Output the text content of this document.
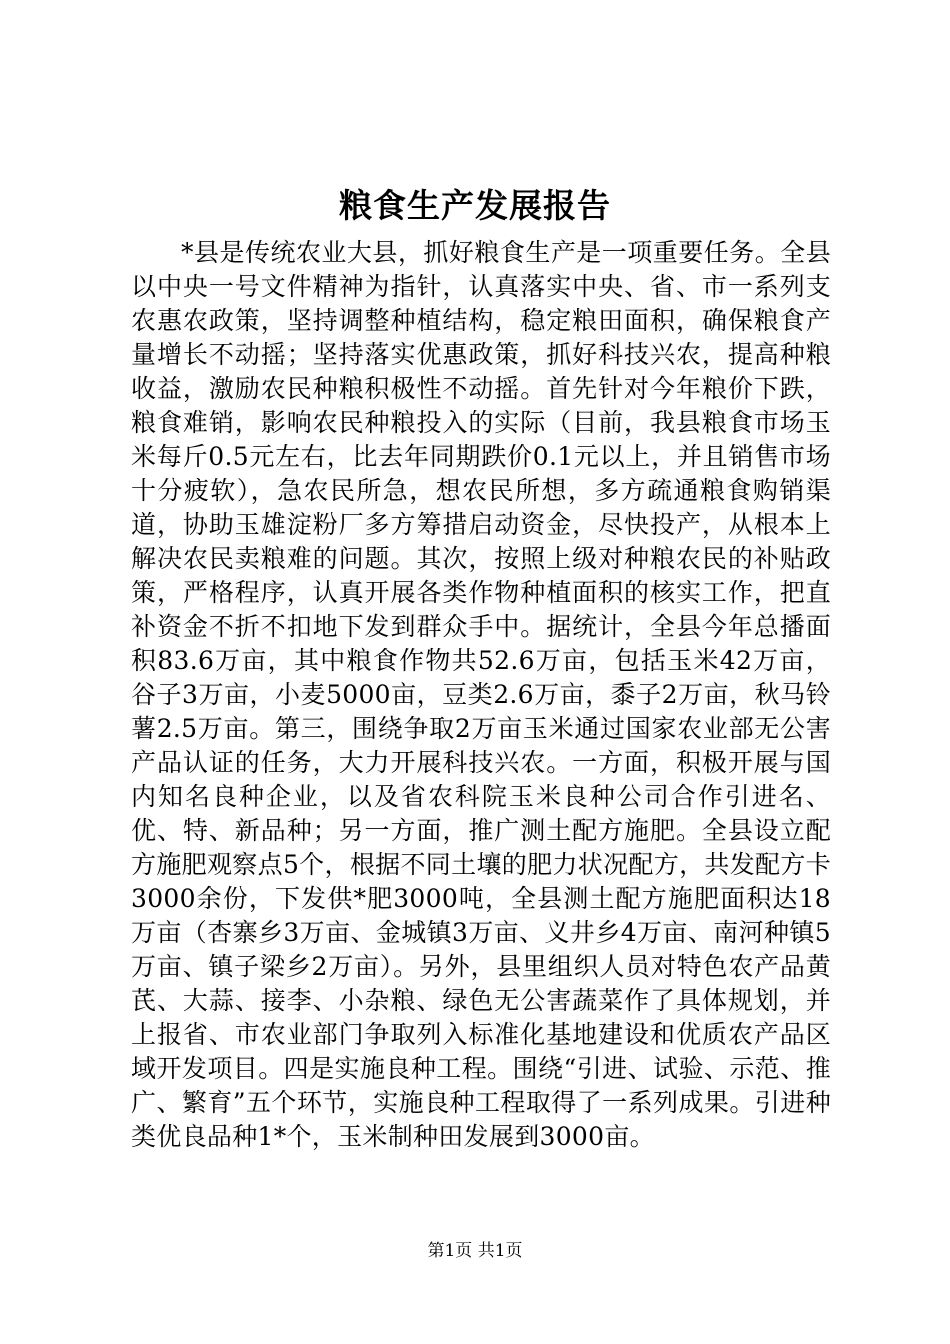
粮食生产发展报告

*县是传统农业大县，抓好粮食生产是一项重要任务。全县以中央一号文件精神为指针，认真落实中央、省、市一系列支农惠农政策，坚持调整种植结构，稳定粮田面积，确保粮食产量增长不动摇；坚持落实优惠政策，抓好科技兴农，提高种粮收益，激励农民种粮积极性不动摇。首先针对今年粮价下跌，粮食难销，影响农民种粮投入的实际（目前，我县粮食市场玉米每斤0.5元左右，比去年同期跌价0.1元以上，并且销售市场十分疲软），急农民所急，想农民所想，多方疏通粮食购销渠道，协助玉雄淀粉厂多方筹措启动资金，尽快投产，从根本上解决农民卖粮难的问题。其次，按照上级对种粮农民的补贴政策，严格程序，认真开展各类作物种植面积的核实工作，把直补资金不折不扣地下发到群众手中。据统计，全县今年总播面积83.6万亩，其中粮食作物共52.6万亩，包括玉米42万亩，谷子3万亩，小麦5000亩，豆类2.6万亩，黍子2万亩，秋马铃薯2.5万亩。第三，围绕争取2万亩玉米通过国家农业部无公害产品认证的任务，大力开展科技兴农。一方面，积极开展与国内知名良种企业，以及省农科院玉米良种公司合作引进名、优、特、新品种；另一方面，推广测土配方施肥。全县设立配方施肥观察点5个，根据不同土壤的肥力状况配方，共发配方卡3000余份，下发供*肥3000吨，全县测土配方施肥面积达18万亩（杏寨乡3万亩、金城镇3万亩、义井乡4万亩、南河种镇5万亩、镇子梁乡2万亩）。另外，县里组织人员对特色农产品黄芪、大蒜、接李、小杂粮、绿色无公害蔬菜作了具体规划，并上报省、市农业部门争取列入标准化基地建设和优质农产品区域开发项目。四是实施良种工程。围绕“引进、试验、示范、推广、繁育”五个环节，实施良种工程取得了一系列成果。引进种类优良品种1*个，玉米制种田发展到3000亩。

第1页 共1页
